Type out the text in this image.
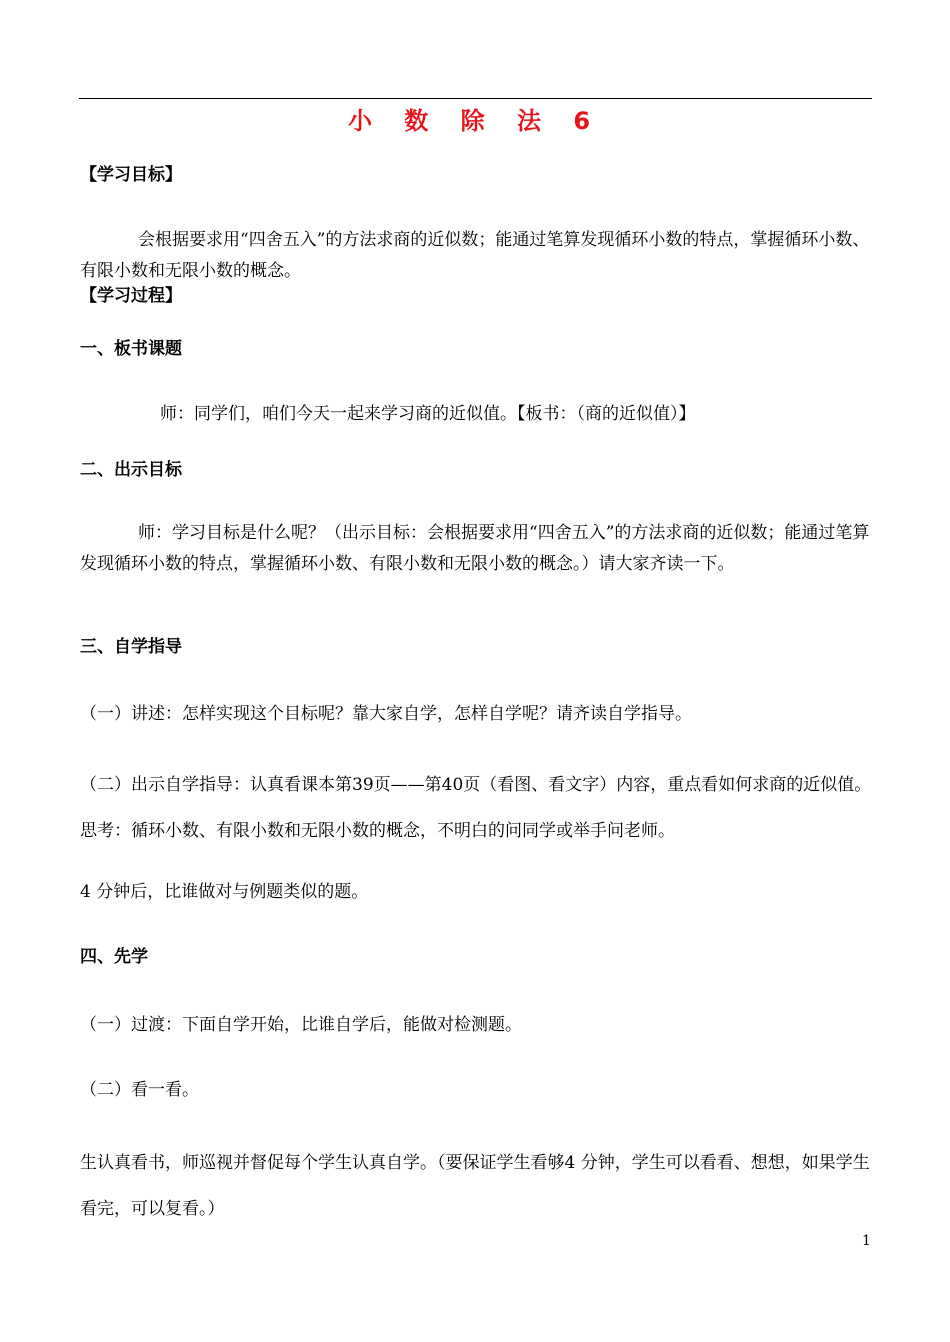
小 数 除 法 6
【学习目标】
会根据要求用“四舍五入”的方法求商的近似数；能通过笔算发现循环小数的特点，掌握循环小数、有限小数和无限小数的概念。
【学习过程】
一、板书课题
师：同学们，咱们今天一起来学习商的近似值。【板书：（商的近似值）】
二、出示目标
师：学习目标是什么呢？（出示目标：会根据要求用“四舍五入”的方法求商的近似数；能通过笔算发现循环小数的特点，掌握循环小数、有限小数和无限小数的概念。）请大家齐读一下。
三、自学指导
（一）讲述：怎样实现这个目标呢？靠大家自学，怎样自学呢？请齐读自学指导。
（二）出示自学指导：认真看课本第39页——第40页（看图、看文字）内容，重点看如何求商的近似值。思考：循环小数、有限小数和无限小数的概念，不明白的问同学或举手问老师。
4 分钟后，比谁做对与例题类似的题。
四、先学
（一）过渡：下面自学开始，比谁自学后，能做对检测题。
（二）看一看。
生认真看书，师巡视并督促每个学生认真自学。（要保证学生看够4 分钟，学生可以看看、想想，如果学生看完，可以复看。）
1
